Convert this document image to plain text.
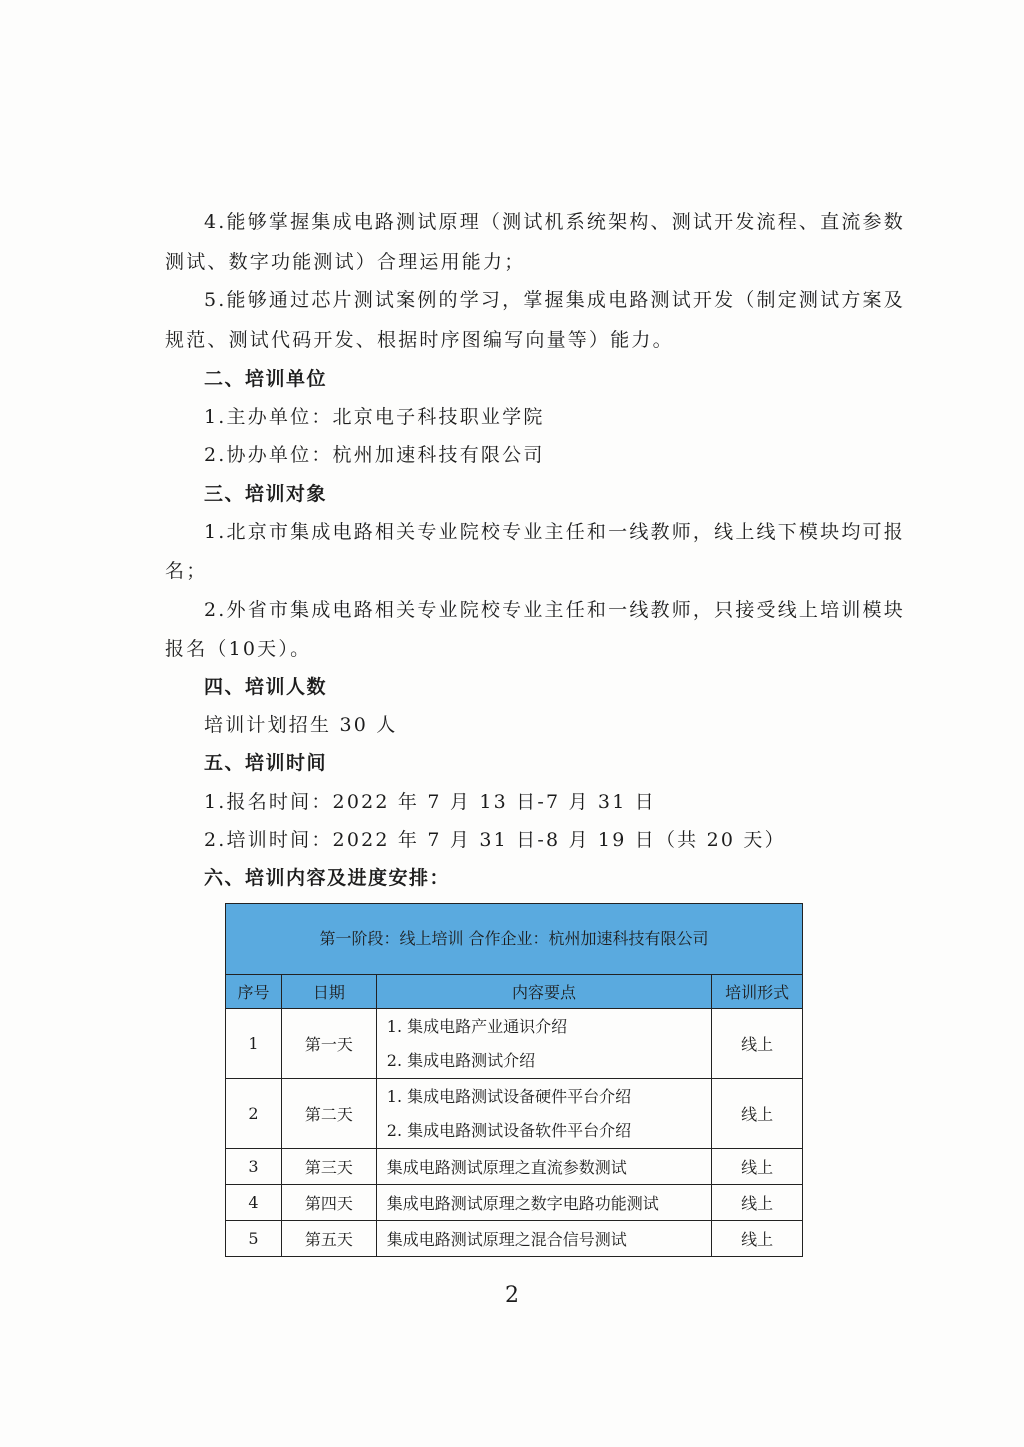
4.能够掌握集成电路测试原理（测试机系统架构、测试开发流程、直流参数
测试、数字功能测试）合理运用能力；
5.能够通过芯片测试案例的学习，掌握集成电路测试开发（制定测试方案及
规范、测试代码开发、根据时序图编写向量等）能力。
二、培训单位
1.主办单位：北京电子科技职业学院
2.协办单位：杭州加速科技有限公司
三、培训对象
1.北京市集成电路相关专业院校专业主任和一线教师，线上线下模块均可报
名；
2.外省市集成电路相关专业院校专业主任和一线教师，只接受线上培训模块
报名（10天）。
四、培训人数
培训计划招生 30 人
五、培训时间
1.报名时间：2022 年 7 月 13 日-7 月 31 日
2.培训时间：2022 年 7 月 31 日-8 月 19 日（共 20 天）
六、培训内容及进度安排：
第一阶段：线上培训 合作企业：杭州加速科技有限公司			
序号	日期	内容要点	培训形式
1	第一天	1. 集成电路产业通识介绍
2. 集成电路测试介绍	线上
2	第二天	1. 集成电路测试设备硬件平台介绍
2. 集成电路测试设备软件平台介绍	线上
3	第三天	集成电路测试原理之直流参数测试	线上
4	第四天	集成电路测试原理之数字电路功能测试	线上
5	第五天	集成电路测试原理之混合信号测试	线上
2
